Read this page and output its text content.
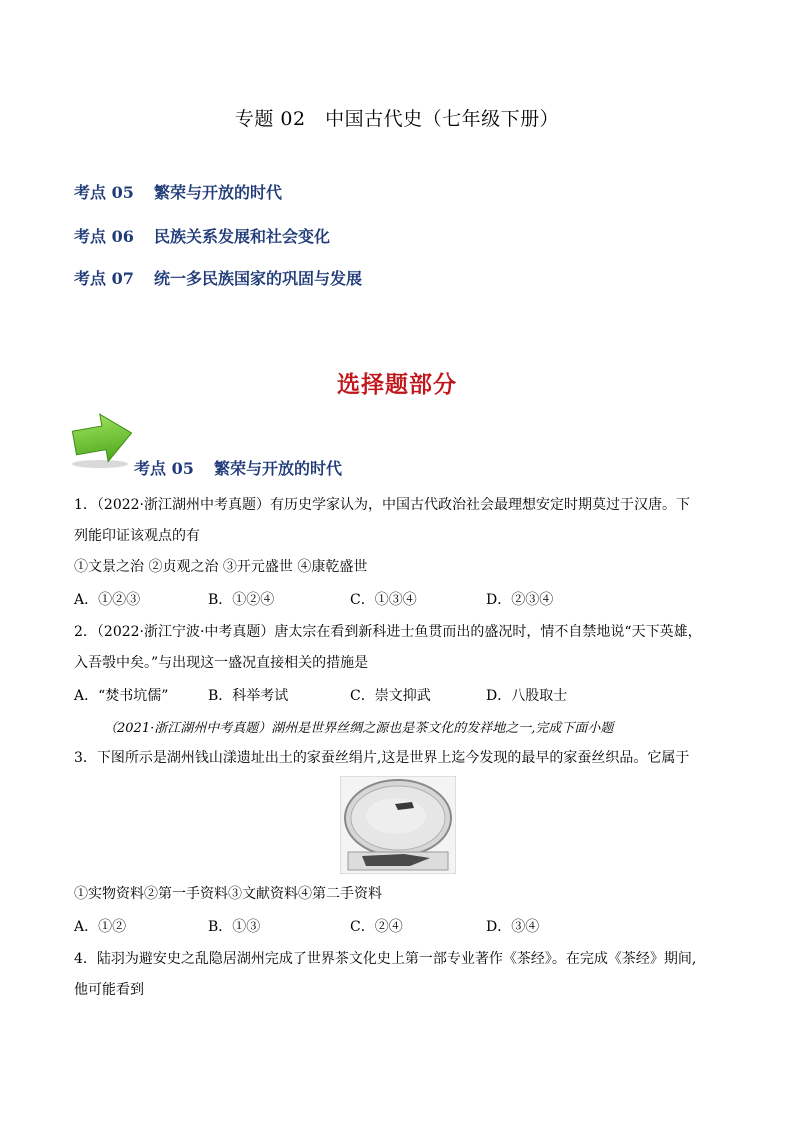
专题 02　中国古代史（七年级下册）
考点 05 繁荣与开放的时代
考点 06 民族关系发展和社会变化
考点 07 统一多民族国家的巩固与发展
选择题部分
考点 05 繁荣与开放的时代
1．（2022·浙江湖州中考真题）有历史学家认为，中国古代政治社会最理想安定时期莫过于汉唐。下
列能印证该观点的有
①文景之治 ②贞观之治 ③开元盛世 ④康乾盛世
A．①②③	B．①②④	C．①③④	D．②③④
2．（2022·浙江宁波·中考真题）唐太宗在看到新科进士鱼贯而出的盛况时，情不自禁地说“天下英雄，
入吾彀中矣。”与出现这一盛况直接相关的措施是
A．“焚书坑儒”	B．科举考试	C．崇文抑武	D．八股取士
（2021·浙江湖州中考真题）湖州是世界丝绸之源也是茶文化的发祥地之一,完成下面小题
3．下图所示是湖州钱山漾遗址出土的家蚕丝绢片,这是世界上迄今发现的最早的家蚕丝织品。它属于
①实物资料②第一手资料③文献资料④第二手资料
A．①②	B．①③	C．②④	D．③④
4．陆羽为避安史之乱隐居湖州完成了世界茶文化史上第一部专业著作《茶经》。在完成《茶经》期间,
他可能看到
